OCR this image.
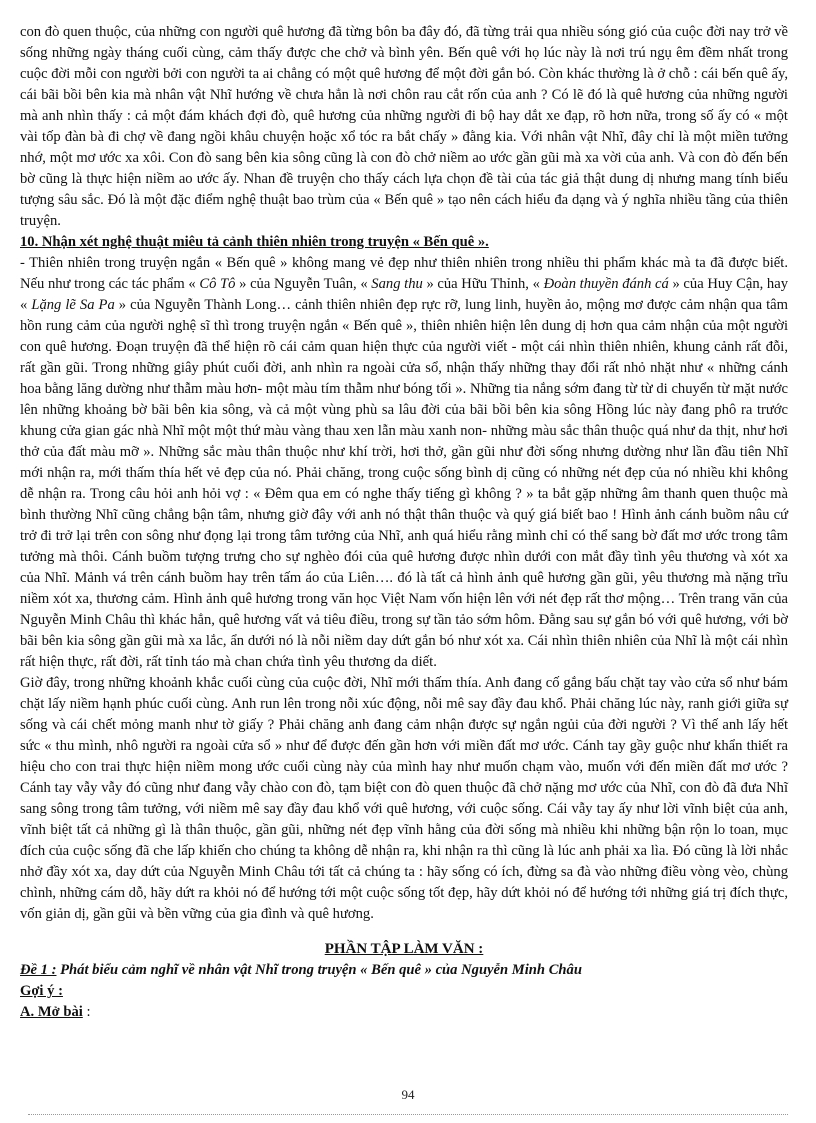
con đò quen thuộc, của những con người quê hương đã từng bôn ba đây đó, đã từng trải qua nhiều sóng gió của cuộc đời nay trở về sống những ngày tháng cuối cùng, cảm thấy được che chở và bình yên. Bến quê với họ lúc này là nơi trú ngụ êm đềm nhất trong cuộc đời mỗi con người bởi con người ta ai chẳng có một quê hương để một đời gắn bó. Còn khác thường là ở chỗ : cái bến quê ấy, cái bãi bồi bên kia mà nhân vật Nhĩ hướng về chưa hẳn là nơi chôn rau cắt rốn của anh ? Có lẽ đó là quê hương của những người mà anh nhìn thấy : cả một đám khách đợi đò, quê hương của những người đi bộ hay dắt xe đạp, rõ hơn nữa, trong số ấy có « một vài tốp đàn bà đi chợ về đang ngồi khâu chuyện hoặc xổ tóc ra bắt chấy » đằng kia. Với nhân vật Nhĩ, đây chỉ là một miền tưởng nhớ, một mơ ước xa xôi. Con đò sang bên kia sông cũng là con đò chở niềm ao ước gần gũi mà xa vời của anh. Và con đò đến bến bờ cũng là thực hiện niềm ao ước ấy. Nhan đề truyện cho thấy cách lựa chọn đề tài của tác giả thật dung dị nhưng mang tính biểu tượng sâu sắc. Đó là một đặc điểm nghệ thuật bao trùm của « Bến quê » tạo nên cách hiểu đa dạng và ý nghĩa nhiều tầng của thiên truyện.

10. Nhận xét nghệ thuật miêu tả cảnh thiên nhiên trong truyện « Bến quê ».

- Thiên nhiên trong truyện ngắn « Bến quê » không mang vẻ đẹp như thiên nhiên trong nhiều thi phẩm khác mà ta đã được biết. Nếu như trong các tác phẩm « Cô Tô » của Nguyễn Tuân, « Sang thu » của Hữu Thỉnh, « Đoàn thuyền đánh cá » của Huy Cận, hay « Lặng lẽ Sa Pa » của Nguyễn Thành Long… cảnh thiên nhiên đẹp rực rỡ, lung linh, huyền ảo, mộng mơ được cảm nhận qua tâm hồn rung cảm của người nghệ sĩ thì trong truyện ngắn « Bến quê », thiên nhiên hiện lên dung dị hơn qua cảm nhận của một người con quê hương. Đoạn truyện đã thể hiện rõ cái cảm quan hiện thực của người viết - một cái nhìn thiên nhiên, khung cảnh rất đỗi, rất gần gũi. Trong những giây phút cuối đời, anh nhìn ra ngoài cửa sổ, nhận thấy những thay đổi rất nhỏ nhặt như « những cánh hoa bằng lăng dường như thẫm màu hơn- một màu tím thẫm như bóng tối ». Những tia nắng sớm đang từ từ di chuyển từ mặt nước lên những khoảng bờ bãi bên kia sông, và cả một vùng phù sa lâu đời của bãi bồi bên kia sông Hồng lúc này đang phô ra trước khung cửa gian gác nhà Nhĩ một một thứ màu vàng thau xen lẫn màu xanh non- những màu sắc thân thuộc quá như da thịt, như hơi thở của đất màu mỡ ». Những sắc màu thân thuộc như khí trời, hơi thở, gần gũi như đời sống nhưng dường như lần đầu tiên Nhĩ mới nhận ra, mới thấm thía hết vẻ đẹp của nó. Phải chăng, trong cuộc sống bình dị cũng có những nét đẹp của nó nhiều khi không dễ nhận ra. Trong câu hỏi anh hỏi vợ : « Đêm qua em có nghe thấy tiếng gì không ? » ta bắt gặp những âm thanh quen thuộc mà bình thường Nhĩ cũng chẳng bận tâm, nhưng giờ đây với anh nó thật thân thuộc và quý giá biết bao ! Hình ảnh cánh buồm nâu cứ trở đi trở lại trên con sông như đọng lại trong tâm tưởng của Nhĩ, anh quá hiểu rằng mình chỉ có thể sang bờ đất mơ ước trong tâm tưởng mà thôi. Cánh buồm tượng trưng cho sự nghèo đói của quê hương được nhìn dưới con mắt đầy tình yêu thương và xót xa của Nhĩ. Mảnh vá trên cánh buồm hay trên tấm áo của Liên…. đó là tất cả hình ảnh quê hương gần gũi, yêu thương mà nặng trĩu niềm xót xa, thương cảm. Hình ảnh quê hương trong văn học Việt Nam vốn hiện lên với nét đẹp rất thơ mộng… Trên trang văn của Nguyễn Minh Châu thì khác hẳn, quê hương vất vả tiêu điều, trong sự tần tảo sớm hôm. Đằng sau sự gắn bó với quê hương, với bờ bãi bên kia sông gần gũi mà xa lắc, ẩn dưới nó là nỗi niềm day dứt gắn bó như xót xa. Cái nhìn thiên nhiên của Nhĩ là một cái nhìn rất hiện thực, rất đời, rất tỉnh táo mà chan chứa tình yêu thương da diết.

Giờ đây, trong những khoảnh khắc cuối cùng của cuộc đời, Nhĩ mới thấm thía. Anh đang cố gắng bấu chặt tay vào cửa sổ như bám chặt lấy niềm hạnh phúc cuối cùng. Anh run lên trong nỗi xúc động, nỗi mê say đầy đau khổ. Phải chăng lúc này, ranh giới giữa sự sống và cái chết mỏng manh như tờ giấy ? Phải chăng anh đang cảm nhận được sự ngắn ngủi của đời người ? Vì thế anh lấy hết sức « thu mình, nhô người ra ngoài cửa sổ » như để được đến gần hơn với miền đất mơ ước. Cánh tay gầy guộc như khẩn thiết ra hiệu cho con trai thực hiện niềm mong ước cuối cùng này của mình hay như muốn chạm vào, muốn với đến miền đất mơ ước ? Cánh tay vẫy vẫy đó cũng như đang vẫy chào con đò, tạm biệt con đò quen thuộc đã chở nặng mơ ước của Nhĩ, con đò đã đưa Nhĩ sang sông trong tâm tưởng, với niềm mê say đầy đau khổ với quê hương, với cuộc sống. Cái vẫy tay ấy như lời vĩnh biệt của anh, vĩnh biệt tất cả những gì là thân thuộc, gần gũi, những nét đẹp vĩnh hằng của đời sống mà nhiều khi những bận rộn lo toan, mục đích của cuộc sống đã che lấp khiến cho chúng ta không dễ nhận ra, khi nhận ra thì cũng là lúc anh phải xa lìa. Đó cũng là lời nhắc nhở đầy xót xa, day dứt của Nguyễn Minh Châu tới tất cả chúng ta : hãy sống có ích, đừng sa đà vào những điều vòng vèo, chùng chình, những cám dỗ, hãy dứt ra khỏi nó để hướng tới một cuộc sống tốt đẹp, hãy dứt khỏi nó để hướng tới những giá trị đích thực, vốn giản dị, gần gũi và bền vững của gia đình và quê hương.

PHẦN TẬP LÀM VĂN :

Đề 1 : Phát biểu cảm nghĩ về nhân vật Nhĩ trong truyện « Bến quê » của Nguyễn Minh Châu

Gợi ý :

A. Mở bài :

94
